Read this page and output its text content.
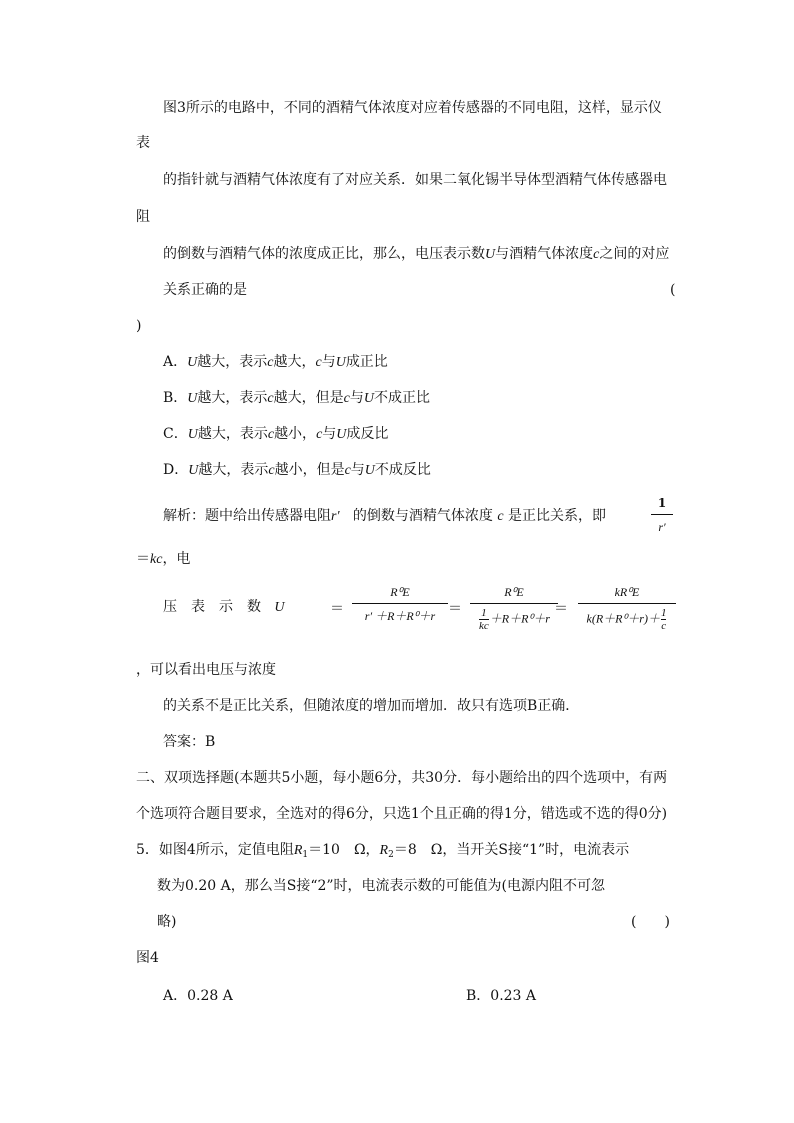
图3所示的电路中，不同的酒精气体浓度对应着传感器的不同电阻，这样，显示仪
表
的指针就与酒精气体浓度有了对应关系．如果二氧化锡半导体型酒精气体传感器电
阻
的倒数与酒精气体的浓度成正比，那么，电压表示数U与酒精气体浓度c之间的对应
关系正确的是	(
)
A．U越大，表示c越大，c与U成正比
B．U越大，表示c越大，但是c与U不成正比
C．U越大，表示c越小，c与U成反比
D．U越大，表示c越小，但是c与U不成反比
解析：题中给出传感器电阻r′ 的倒数与酒精气体浓度 c 是正比关系，即
1
r′
＝kc，电
压　表　示　数 U	＝
R⁰E
r′ ＋R＋R⁰＋r ＝
R⁰E
$\frac{1}{kc} +R+R^0+r$
＝
kR⁰E
$k(R+R^0+r)+ \frac{1}{c}$
，可以看出电压与浓度
的关系不是正比关系，但随浓度的增加而增加．故只有选项B正确．
答案：B
二、双项选择题(本题共5小题，每小题6分，共30分．每小题给出的四个选项中，有两
个选项符合题目要求，全选对的得6分，只选1个且正确的得1分，错选或不选的得0分)
5．如图4所示，定值电阻$R_1=10$　Ω，$R_2=8$　Ω，当开关S接“1”时，电流表示
数为0.20 A，那么当S接“2”时，电流表示数的可能值为(电源内阻不可忽
略)	(　　)
图4
A．0.28 A	B．0.23 A
